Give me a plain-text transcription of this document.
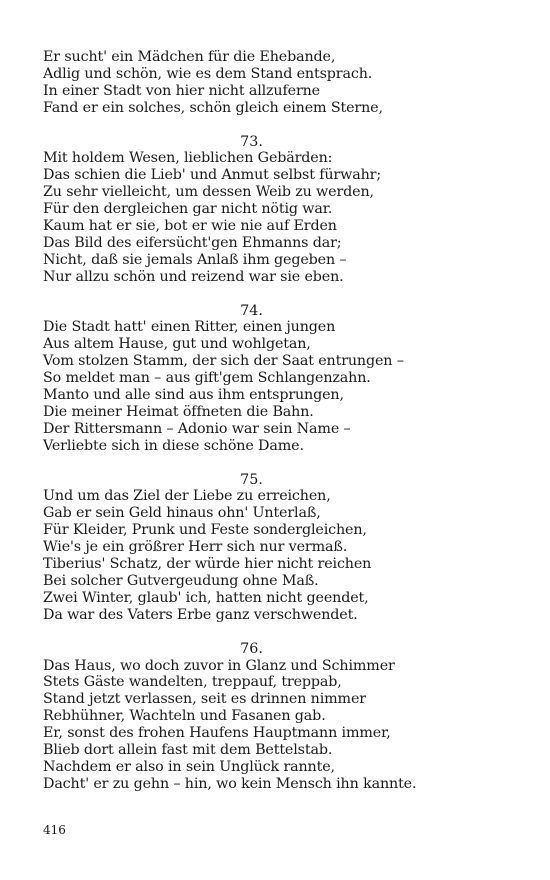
Er sucht' ein Mädchen für die Ehebande,
Adlig und schön, wie es dem Stand entsprach.
In einer Stadt von hier nicht allzuferne
Fand er ein solches, schön gleich einem Sterne,
73.
Mit holdem Wesen, lieblichen Gebärden:
Das schien die Lieb' und Anmut selbst fürwahr;
Zu sehr vielleicht, um dessen Weib zu werden,
Für den dergleichen gar nicht nötig war.
Kaum hat er sie, bot er wie nie auf Erden
Das Bild des eifersücht'gen Ehmanns dar;
Nicht, daß sie jemals Anlaß ihm gegeben –
Nur allzu schön und reizend war sie eben.
74.
Die Stadt hatt' einen Ritter, einen jungen
Aus altem Hause, gut und wohlgetan,
Vom stolzen Stamm, der sich der Saat entrungen –
So meldet man – aus gift'gem Schlangenzahn.
Manto und alle sind aus ihm entsprungen,
Die meiner Heimat öffneten die Bahn.
Der Rittersmann – Adonio war sein Name –
Verliebte sich in diese schöne Dame.
75.
Und um das Ziel der Liebe zu erreichen,
Gab er sein Geld hinaus ohn' Unterlaß,
Für Kleider, Prunk und Feste sondergleichen,
Wie's je ein größrer Herr sich nur vermaß.
Tiberius' Schatz, der würde hier nicht reichen
Bei solcher Gutvergeudung ohne Maß.
Zwei Winter, glaub' ich, hatten nicht geendet,
Da war des Vaters Erbe ganz verschwendet.
76.
Das Haus, wo doch zuvor in Glanz und Schimmer
Stets Gäste wandelten, treppauf, treppab,
Stand jetzt verlassen, seit es drinnen nimmer
Rebhühner, Wachteln und Fasanen gab.
Er, sonst des frohen Haufens Hauptmann immer,
Blieb dort allein fast mit dem Bettelstab.
Nachdem er also in sein Unglück rannte,
Dacht' er zu gehn – hin, wo kein Mensch ihn kannte.
416
